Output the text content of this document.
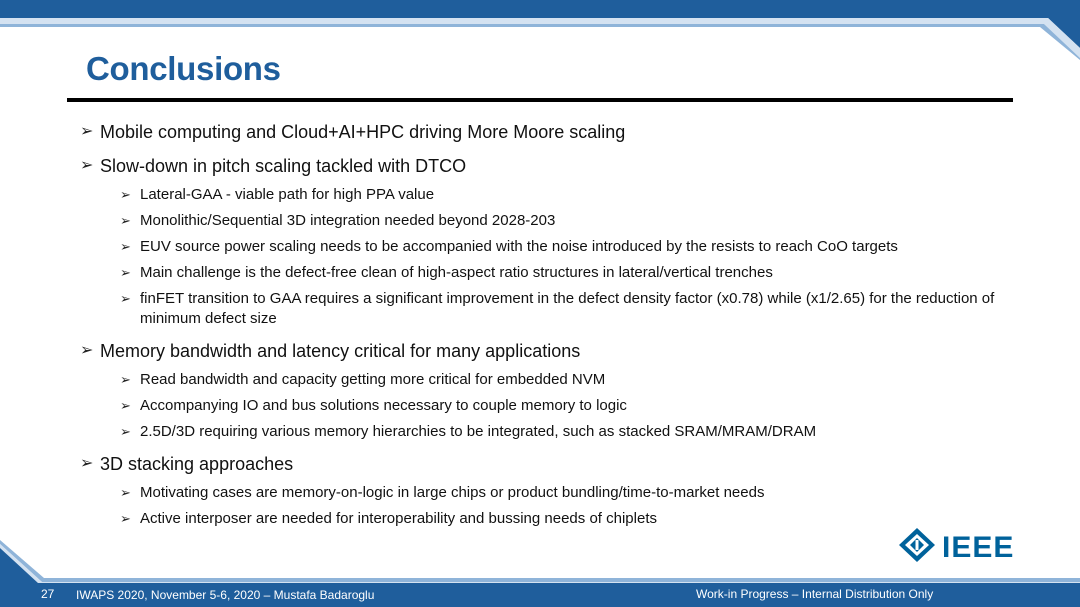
Conclusions
➢ Mobile computing and Cloud+AI+HPC driving More Moore scaling
➢ Slow-down in pitch scaling tackled with DTCO
➢ Lateral-GAA - viable path for high PPA value
➢ Monolithic/Sequential 3D integration needed beyond 2028-203
➢ EUV source power scaling needs to be accompanied with the noise introduced by the resists to reach CoO targets
➢ Main challenge is the defect-free clean of high-aspect ratio structures in lateral/vertical trenches
➢ finFET transition to GAA requires a significant improvement in the defect density factor (x0.78) while (x1/2.65) for the reduction of minimum defect size
➢ Memory bandwidth and latency critical for many applications
➢ Read bandwidth and capacity getting more critical for embedded NVM
➢ Accompanying IO and bus solutions necessary to couple memory to logic
➢ 2.5D/3D requiring various memory hierarchies to be integrated, such as stacked SRAM/MRAM/DRAM
➢ 3D stacking approaches
➢ Motivating cases are memory-on-logic in large chips or product bundling/time-to-market needs
➢ Active interposer are needed for interoperability and bussing needs of chiplets
IEEE
27 IWAPS 2020, November 5-6, 2020 – Mustafa Badaroglu	Work-in Progress – Internal Distribution Only
